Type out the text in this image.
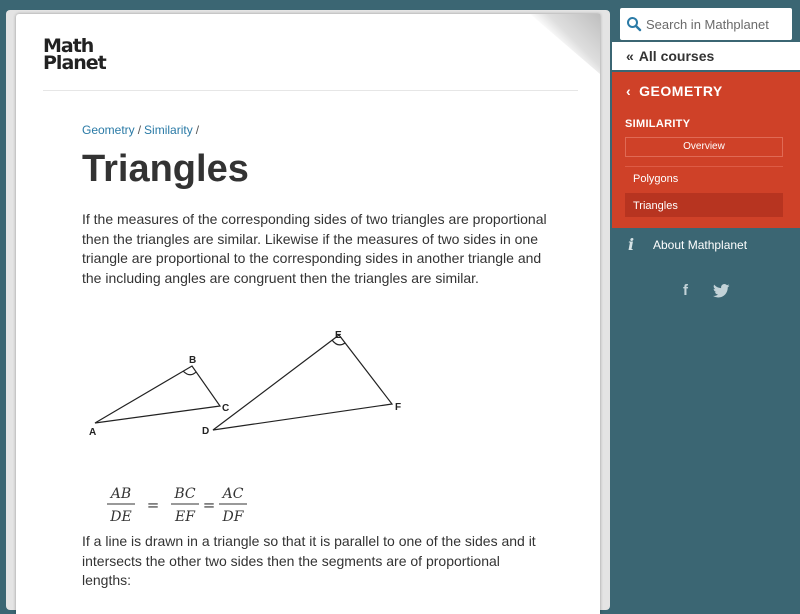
Math
Planet
Geometry / Similarity /
Triangles

If the measures of the corresponding sides of two triangles are proportional then the triangles are similar. Likewise if the measures of two sides in one triangle are proportional to the corresponding sides in another triangle and the including angles are congruent then the triangles are similar.

A
B
C
D
E
F
AB
DE
BC
EF
AC
DF
=	=

If a line is drawn in a triangle so that it is parallel to one of the sides and it intersects the other two sides then the segments are of proportional lengths:

Search in Mathplanet
« All courses
‹ GEOMETRY
SIMILARITY
Overview
Polygons
Triangles
i About Mathplanet
f
